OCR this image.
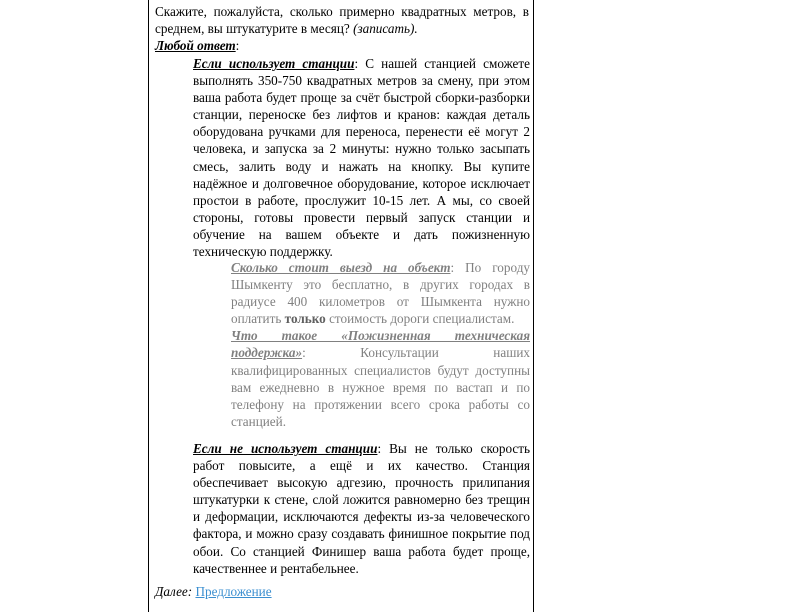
Скажите, пожалуйста, сколько примерно квадратных метров, в среднем, вы штукатурите в месяц? (записать).

Любой ответ:

Если использует станции: С нашей станцией сможете выполнять 350-750 квадратных метров за смену, при этом ваша работа будет проще за счёт быстрой сборки-разборки станции, переноске без лифтов и кранов: каждая деталь оборудована ручками для переноса, перенести её могут 2 человека, и запуска за 2 минуты: нужно только засыпать смесь, залить воду и нажать на кнопку. Вы купите надёжное и долговечное оборудование, которое исключает простои в работе, прослужит 10-15 лет. А мы, со своей стороны, готовы провести первый запуск станции и обучение на вашем объекте и дать пожизненную техническую поддержку.

Сколько стоит выезд на объект: По городу Шымкенту это бесплатно, в других городах в радиусе 400 километров от Шымкента нужно оплатить только стоимость дороги специалистам.

Что такое «Пожизненная техническая поддержка»: Консультации наших квалифицированных специалистов будут доступны вам ежедневно в нужное время по вастап и по телефону на протяжении всего срока работы со станцией.

Если не использует станции: Вы не только скорость работ повысите, а ещё и их качество. Станция обеспечивает высокую адгезию, прочность прилипания штукатурки к стене, слой ложится равномерно без трещин и деформации, исключаются дефекты из-за человеческого фактора, и можно сразу создавать финишное покрытие под обои. Со станцией Финишер ваша работа будет проще, качественнее и рентабельнее.

Далее: Предложение
